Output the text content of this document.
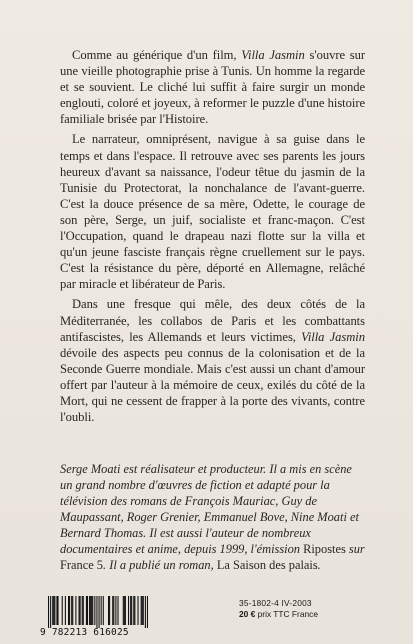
Comme au générique d'un film, Villa Jasmin s'ouvre sur une vieille photographie prise à Tunis. Un homme la regarde et se souvient. Le cliché lui suffit à faire surgir un monde englouti, coloré et joyeux, à reformer le puzzle d'une histoire familiale brisée par l'Histoire.

Le narrateur, omniprésent, navigue à sa guise dans le temps et dans l'espace. Il retrouve avec ses parents les jours heureux d'avant sa naissance, l'odeur têtue du jasmin de la Tunisie du Protectorat, la nonchalance de l'avant-guerre. C'est la douce présence de sa mère, Odette, le courage de son père, Serge, un juif, socialiste et franc-maçon. C'est l'Occupation, quand le drapeau nazi flotte sur la villa et qu'un jeune fasciste français règne cruellement sur le pays. C'est la résistance du père, déporté en Allemagne, relâché par miracle et libérateur de Paris.

Dans une fresque qui mêle, des deux côtés de la Méditerranée, les collabos de Paris et les combattants antifascistes, les Allemands et leurs victimes, Villa Jasmin dévoile des aspects peu connus de la colonisation et de la Seconde Guerre mondiale. Mais c'est aussi un chant d'amour offert par l'auteur à la mémoire de ceux, exilés du côté de la Mort, qui ne cessent de frapper à la porte des vivants, contre l'oubli.

Serge Moati est réalisateur et producteur. Il a mis en scène un grand nombre d'œuvres de fiction et adapté pour la télévision des romans de François Mauriac, Guy de Maupassant, Roger Grenier, Emmanuel Bove, Nine Moati et Bernard Thomas. Il est aussi l'auteur de nombreux documentaires et anime, depuis 1999, l'émission Ripostes sur France 5. Il a publié un roman, La Saison des palais.
9 782213 616025
35-1802-4 IV-2003
20 € prix TTC France
